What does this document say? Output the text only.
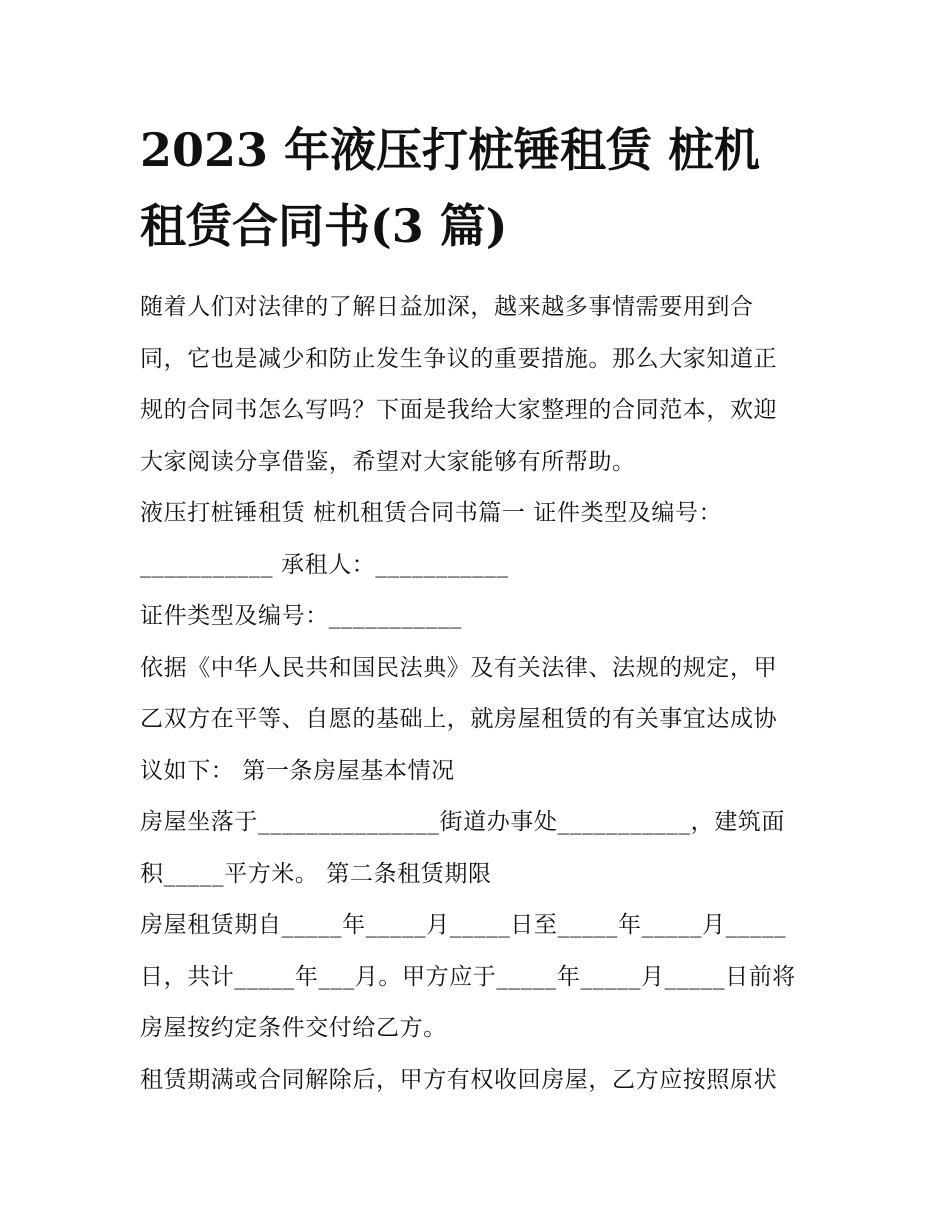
2023 年液压打桩锤租赁 桩机
租赁合同书(3 篇)
随着人们对法律的了解日益加深，越来越多事情需要用到合
同，它也是减少和防止发生争议的重要措施。那么大家知道正
规的合同书怎么写吗？下面是我给大家整理的合同范本，欢迎
大家阅读分享借鉴，希望对大家能够有所帮助。
液压打桩锤租赁 桩机租赁合同书篇一 证件类型及编号：
___________ 承租人：___________
证件类型及编号：___________
依据《中华人民共和国民法典》及有关法律、法规的规定，甲
乙双方在平等、自愿的基础上，就房屋租赁的有关事宜达成协
议如下： 第一条房屋基本情况
房屋坐落于_______________街道办事处___________，建筑面
积_____平方米。 第二条租赁期限
房屋租赁期自_____年_____月_____日至_____年_____月_____
日，共计_____年___月。甲方应于_____年_____月_____日前将
房屋按约定条件交付给乙方。
租赁期满或合同解除后，甲方有权收回房屋，乙方应按照原状
